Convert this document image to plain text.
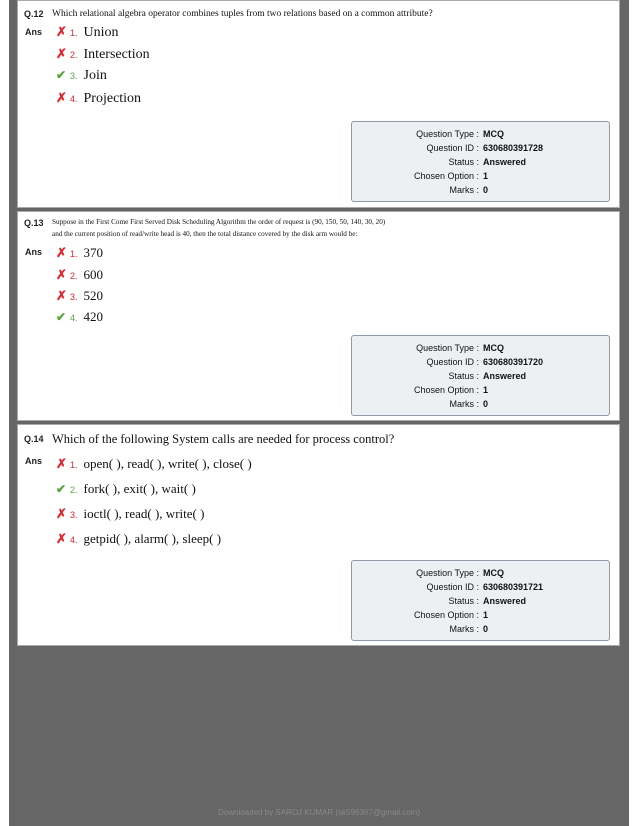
Q.12 Which relational algebra operator combines tuples from two relations based on a common attribute?
Ans ✗ 1. Union
✗ 2. Intersection
✔ 3. Join
✗ 4. Projection
Question Type : MCQ
Question ID : 630680391728
Status : Answered
Chosen Option : 1
Marks : 0
Q.13 Suppose in the First Come First Served Disk Scheduling Algorithm the order of request is (90, 150, 50, 140, 30, 20)
and the current position of read/write head is 40, then the total distance covered by the disk arm would be:
Ans ✗ 1. 370
✗ 2. 600
✗ 3. 520
✔ 4. 420
Question Type : MCQ
Question ID : 630680391720
Status : Answered
Chosen Option : 1
Marks : 0
Q.14 Which of the following System calls are needed for process control?
Ans ✗ 1. open( ), read( ), write( ), close( )
✔ 2. fork( ), exit( ), wait( )
✗ 3. ioctl( ), read( ), write( )
✗ 4. getpid( ), alarm( ), sleep( )
Question Type : MCQ
Question ID : 630680391721
Status : Answered
Chosen Option : 1
Marks : 0
Downloaded by SAROJ KUMAR (sk596367@gmail.com)
